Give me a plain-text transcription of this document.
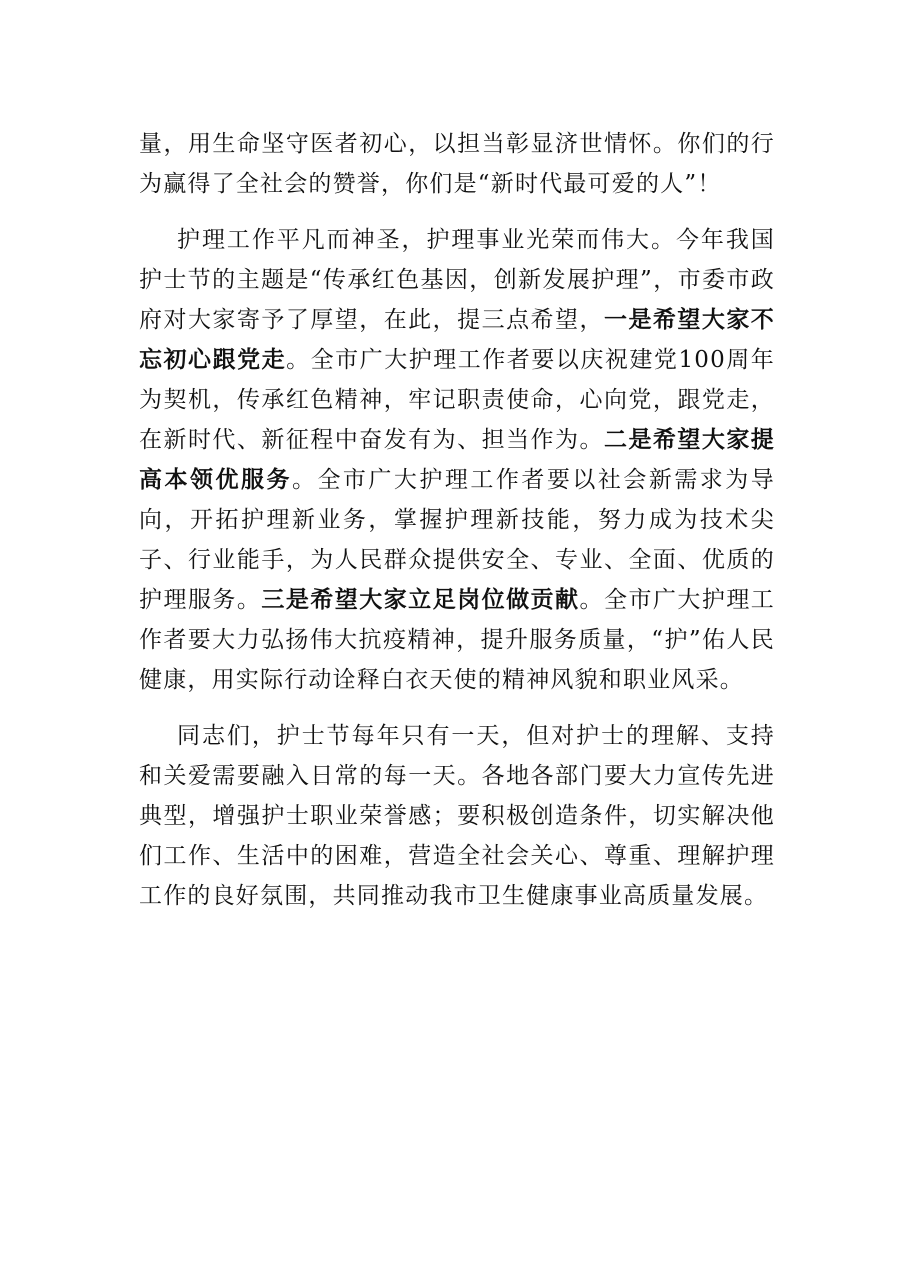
量，用生命坚守医者初心，以担当彰显济世情怀。你们的行为赢得了全社会的赞誉，你们是“新时代最可爱的人”！

护理工作平凡而神圣，护理事业光荣而伟大。今年我国护士节的主题是“传承红色基因，创新发展护理”，市委市政府对大家寄予了厚望，在此，提三点希望，一是希望大家不忘初心跟党走。全市广大护理工作者要以庆祝建党100周年为契机，传承红色精神，牢记职责使命，心向党，跟党走，在新时代、新征程中奋发有为、担当作为。二是希望大家提高本领优服务。全市广大护理工作者要以社会新需求为导向，开拓护理新业务，掌握护理新技能，努力成为技术尖子、行业能手，为人民群众提供安全、专业、全面、优质的护理服务。三是希望大家立足岗位做贡献。全市广大护理工作者要大力弘扬伟大抗疫精神，提升服务质量，“护”佑人民健康，用实际行动诠释白衣天使的精神风貌和职业风采。

同志们，护士节每年只有一天，但对护士的理解、支持和关爱需要融入日常的每一天。各地各部门要大力宣传先进典型，增强护士职业荣誉感；要积极创造条件，切实解决他们工作、生活中的困难，营造全社会关心、尊重、理解护理工作的良好氛围，共同推动我市卫生健康事业高质量发展。
